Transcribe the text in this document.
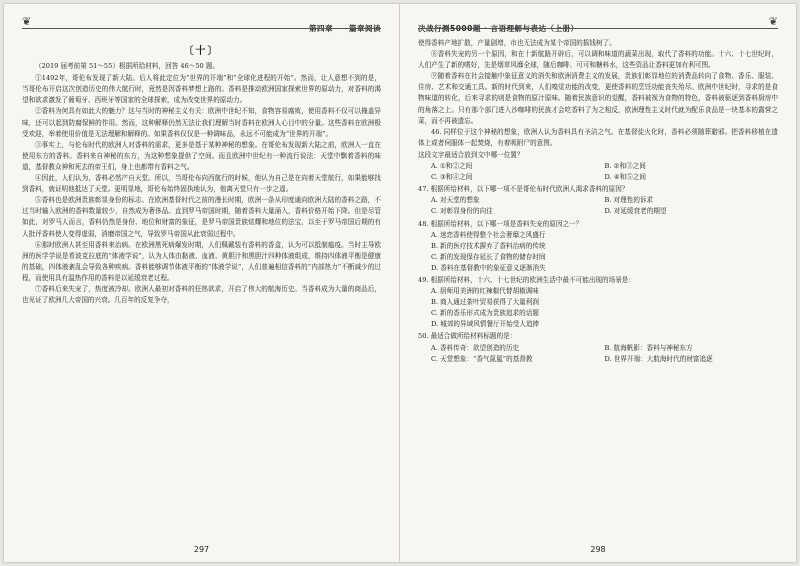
❦
第四章　　篇章阅读
〔十〕

（2019 届考前第 51～55）根据所给材料，回答 46～50 题。

①1492年，哥伦布发现了新大陆。后人将此定位为“世界的开端”和“全球化进程的开始”。然而，让人意想不到的是，当哥伦布开启这次创造历史的伟大航行时，竟然是因香料梦想上路的。香料是推动欧洲国家探索世界的原动力，对香料的渴望和欲求激发了葡萄牙、西班牙等国家的全球探索，成为改变世界的原动力。

②香料为何具有如此大的魅力？这与当时的神秘主义有关：欧洲中世纪不知，食物容易腐败，使用香料不仅可以掩盖异味，还可以起到防腐保鲜的作用。然而，这种解释仍然无法让我们理解当时香料在欧洲人心目中的分量。这些香料在欧洲极受欢迎，举着使用价值是无法理解和解释的。如果香料仅仅是一种调味品，永远不可能成为“世界的开端”。

③事实上，与伦布时代的欧洲人对香料的需求，更多是基于某种神秘的想象。在哥伦布发现新大陆之前，欧洲人一直在使用东方的香料。香料来自神秘的东方，为这种想象提供了空间。而且欧洲中世纪有一种流行说法：天堂中飘着香料的味道，基督教众神和死去的帝王们，身上也都带有香料之气。

④因此，人们认为，香料必然产自天堂。所以，当哥伦布向西航行的时候，他认为自己是在向着天堂航行，如果能够找到香料，就证明他抵达了天堂。更明显地，哥伦布始终固执地认为，他离天堂只有一步之遥。

⑤香料也是欧洲贵族彰显身份的标志。在欧洲基督时代之前的漫长时期，欧洲一条从印度通向欧洲大陆的香料之路，不过当时输入欧洲的香料数量较少，自然成为奢侈品。直到罗马帝国时期，随着香料大量涌入，香料价格开始下降。但是尽管如此，对罗马人而言，香料仍然是身份、地位和财富的象征，是罗马帝国贵族炫耀和地位的法宝，以至于罗马帝国后期的有人批评香料使人变得虚弱，消磨帝国之气，导致罗马帝国从此衰弱过程中。

⑥那时欧洲人甚至用香料来治病。在欧洲黑死病爆发时期，人们佩戴装有香料的香盒，认为可以抵制瘟疫。当时主导欧洲的医学学说是希波克拉底的“体液学说”，认为人体由黏液、血液、黄胆汁和黑胆汁四种体液组成，维持四体液平衡是健康的基础，四体液紊乱会导致各种疾病。香料能够调节体液平衡的“体液学说”，人们普遍相信香料的“内部热力”不断减少的过程，而使用具有温热作用的香料是以延缓衰老过程。

⑦香料后来失宠了，热度被冷却。欧洲人最初对香料的狂热欲求，开启了伟大的航海历史。当香料成为大量的商品后，也见证了欧洲几大帝国的兴衰。几百年的反复争夺，

297
决战行测5000题 · 言语理解与表达（上册）
❦

使得香料产地扩散，产量剧增，市也无法成为某个帝国的摇钱树了。

⑧香料失宠的另一个原因，和在十新航路开辟后，可以调和味道的蔬菜出现，取代了香料的功能。十六、十七世纪时，人们产生了新的嗜好，先是烟草风靡全球，随后咖啡、可可和糖料水，这些资品让香料更加有利可图。

⑨随着香料在社会接触中象征意义的消失和欧洲消费主义的发展，贵族们彰显地位的消费品转向了食物、香乐、服装、住房、艺术和交通工具。新的时代到来，人们嗅觉功能的改变，更使香料的烹饪功能丧失殆尽。欧洲中世纪时，寻求的是食物味道的转化，后来寻求的则是食物的原汁原味。随着民族意识的觉醒，香料被视为食物的特色，香料被驱逐到香料厨房中的角落之上。只有那个部门进入沙咖啡的民族才会吃香料了为之相反，欧洲理性主义时代就为配乐食品是一块基本的露营之菜，而不再被遗忘。

46. 同样位于这个神秘的想象，欧洲人认为香料具有圣洁之气。在基督徒火化时，香料必须随葬避邪。把香料移植在遗体上或者伺服体一起焚烧，有着吸附尸的意图。

这段文字最适合放到文中哪一位置？

A. ①和②之间	B. ②和③之间
C. ③和④之间	D. ④和⑤之间

47. 根据所给材料，以下哪一项不是哥伦布时代欧洲人渴求香料的原因？

A. 对天堂的想象	B. 对理性的诉求
C. 对彰显身份的向往	D. 对延缓衰老的期望

48. 根据所给材料，以下哪一项是香料失宠的原因之一？

A. 迷恋香料使得整个社会奢靡之风盛行
B. 新的医疗技术摒弃了香料治病的传统
C. 新的发现保存延长了食物的储存时间
D. 香料在基督教中的象征意义逐渐消失

49. 根据所给材料，十六、十七世纪的欧洲生活中最不可能出现的场景是：

A. 厨师用美洲的红辣椒代替胡椒调味
B. 商人通过茶叶贸易获得了大量利润
C. 新的香乐形式成为贵族追求的话题
D. 城郊的异域风情餐厅开始受人追捧

50. 最适合做所给材料标题的是：

A. 香料传奇：欲望创造的历史	B. 航海帆影：香料与神秘东方
C. 天堂想象：“香气氤氲”的基督教	D. 世界开端：大航海时代的财富追逐
298
